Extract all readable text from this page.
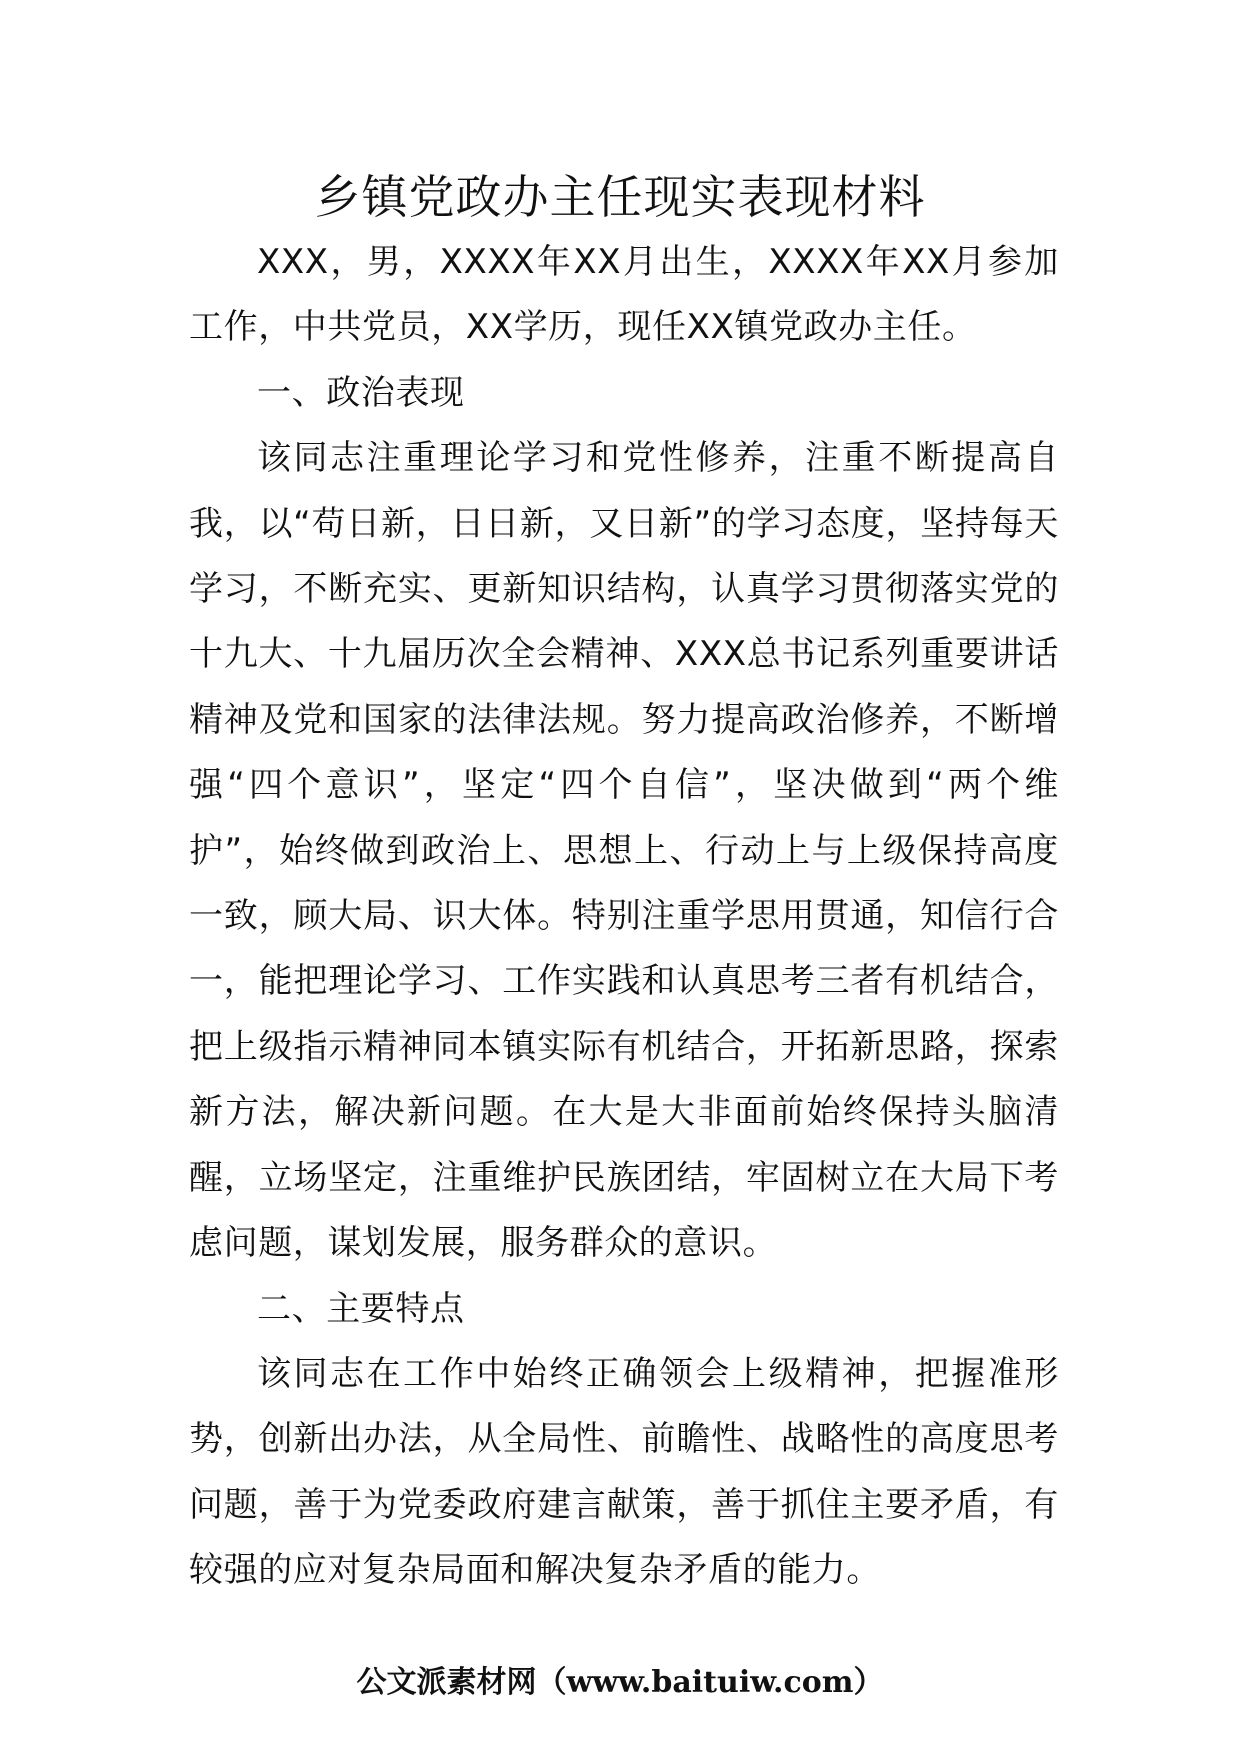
乡镇党政办主任现实表现材料

XXX，男，XXXX年XX月出生，XXXX年XX月参加工作，中共党员，XX学历，现任XX镇党政办主任。

一、政治表现

该同志注重理论学习和党性修养，注重不断提高自我，以“苟日新，日日新，又日新”的学习态度，坚持每天学习，不断充实、更新知识结构，认真学习贯彻落实党的十九大、十九届历次全会精神、XXX总书记系列重要讲话精神及党和国家的法律法规。努力提高政治修养，不断增强“四个意识”，坚定“四个自信”，坚决做到“两个维护”，始终做到政治上、思想上、行动上与上级保持高度一致，顾大局、识大体。特别注重学思用贯通，知信行合一，能把理论学习、工作实践和认真思考三者有机结合，把上级指示精神同本镇实际有机结合，开拓新思路，探索新方法，解决新问题。在大是大非面前始终保持头脑清醒，立场坚定，注重维护民族团结，牢固树立在大局下考虑问题，谋划发展，服务群众的意识。

二、主要特点

该同志在工作中始终正确领会上级精神，把握准形势，创新出办法，从全局性、前瞻性、战略性的高度思考问题，善于为党委政府建言献策，善于抓住主要矛盾，有较强的应对复杂局面和解决复杂矛盾的能力。

公文派素材网（www.baituiw.com）
